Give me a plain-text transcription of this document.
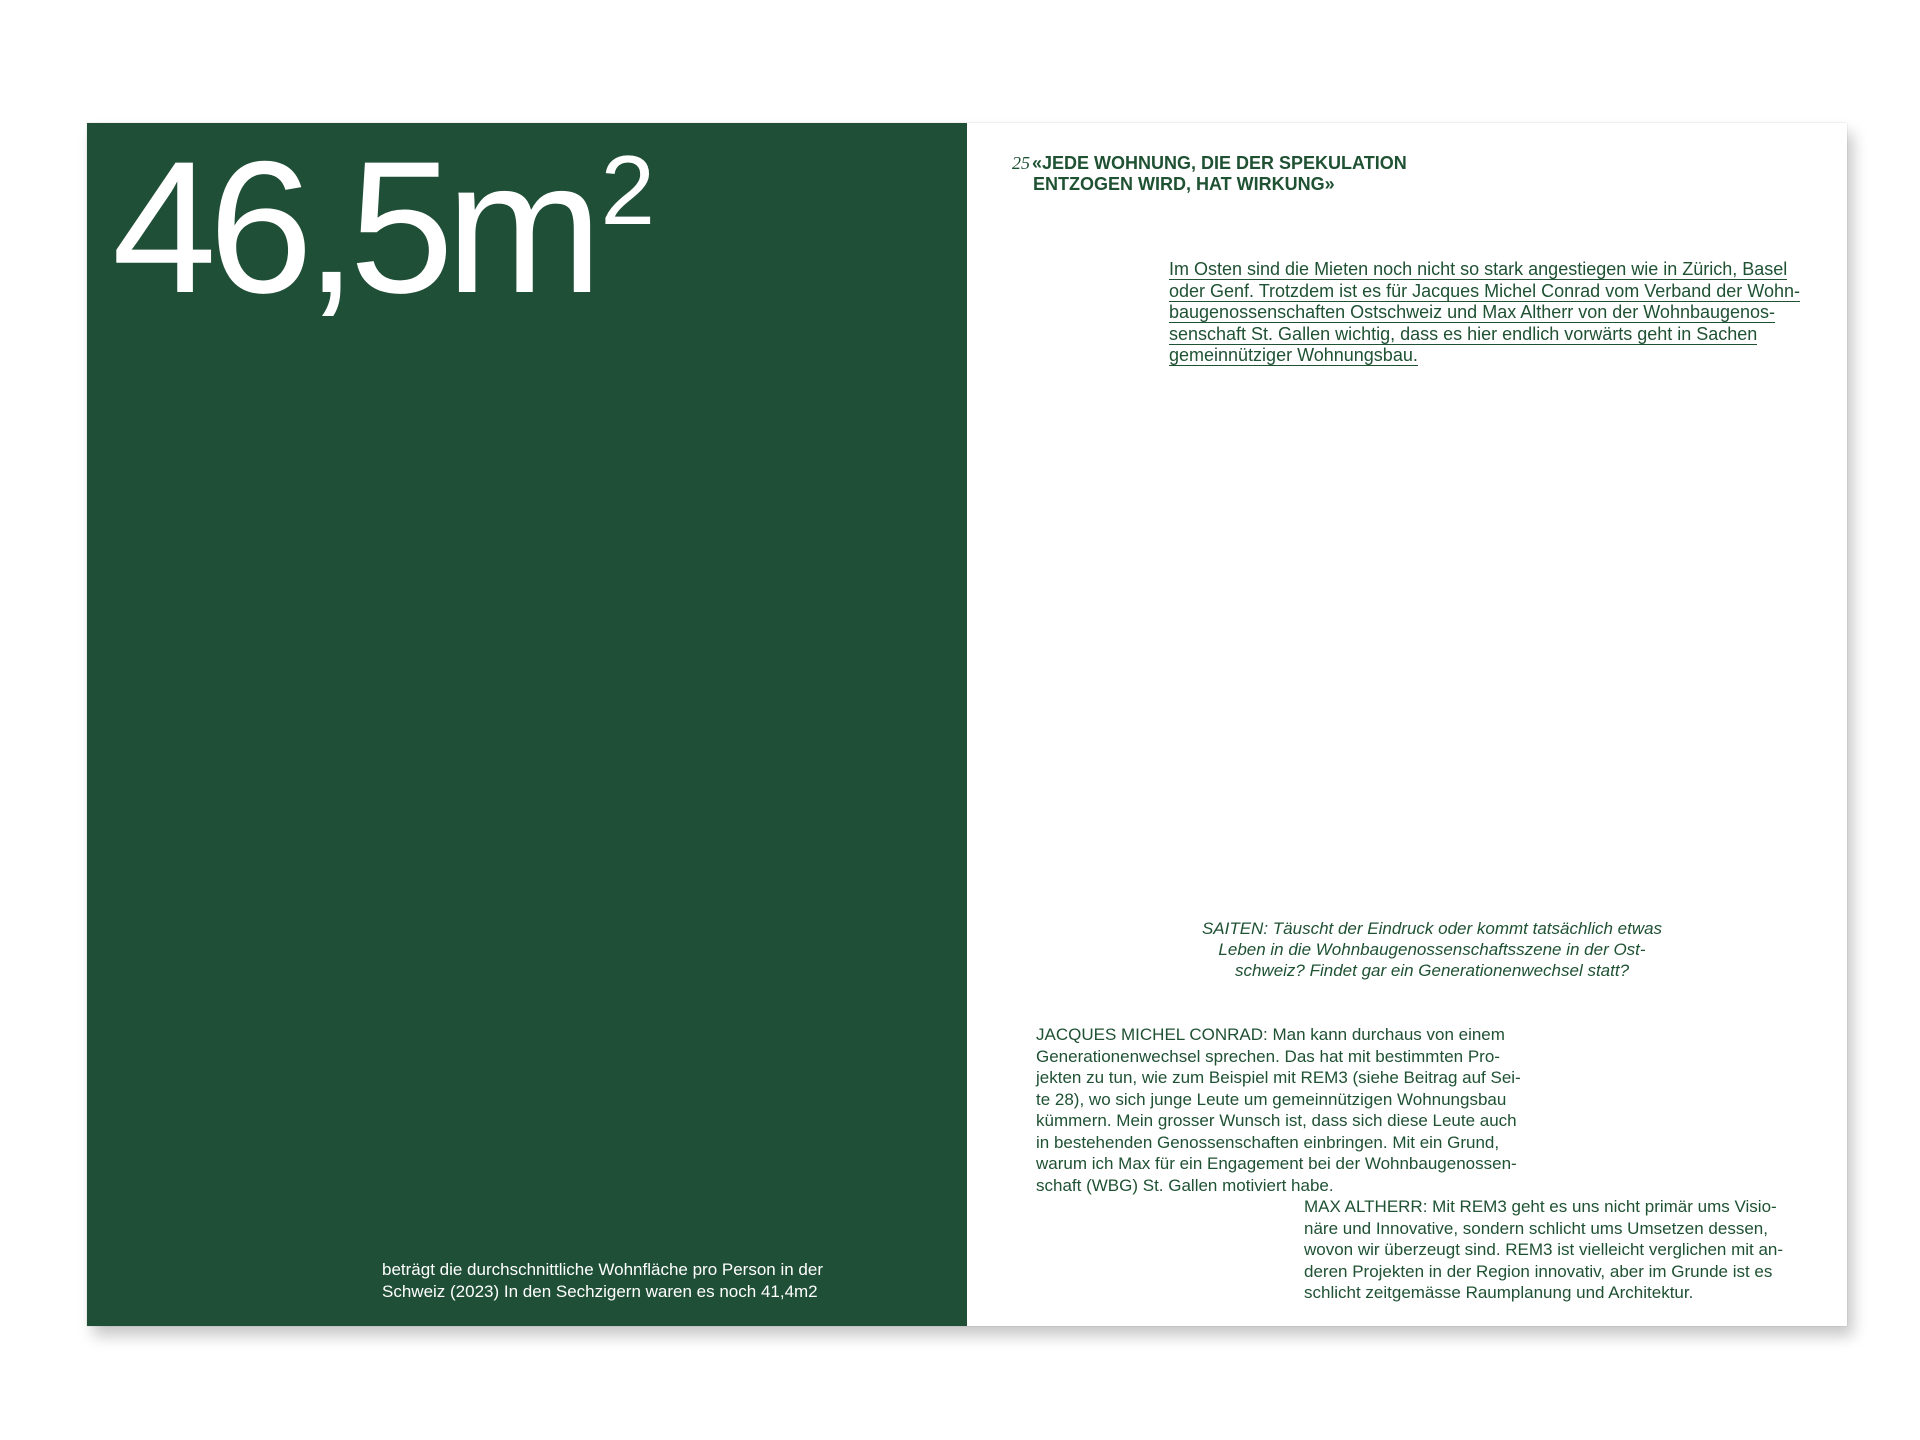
$46,5m^2$
beträgt die durchschnittliche Wohnfläche pro Person in der
Schweiz (2023) In den Sechzigern waren es noch 41,4m2
25 «JEDE WOHNUNG, DIE DER SPEKULATION
ENTZOGEN WIRD, HAT WIRKUNG»
Im Osten sind die Mieten noch nicht so stark angestiegen wie in Zürich, Basel
oder Genf. Trotzdem ist es für Jacques Michel Conrad vom Verband der Wohn-
baugenossenschaften Ostschweiz und Max Altherr von der Wohnbaugenos-
senschaft St. Gallen wichtig, dass es hier endlich vorwärts geht in Sachen
gemeinnütziger Wohnungsbau.
SAITEN: Täuscht der Eindruck oder kommt tatsächlich etwas
Leben in die Wohnbaugenossenschaftsszene in der Ost-
schweiz? Findet gar ein Generationenwechsel statt?
JACQUES MICHEL CONRAD: Man kann durchaus von einem
Generationenwechsel sprechen. Das hat mit bestimmten Pro-
jekten zu tun, wie zum Beispiel mit REM3 (siehe Beitrag auf Sei-
te 28), wo sich junge Leute um gemeinnützigen Wohnungsbau
kümmern. Mein grosser Wunsch ist, dass sich diese Leute auch
in bestehenden Genossenschaften einbringen. Mit ein Grund,
warum ich Max für ein Engagement bei der Wohnbaugenossen-
schaft (WBG) St. Gallen motiviert habe.
MAX ALTHERR: Mit REM3 geht es uns nicht primär ums Visio-
näre und Innovative, sondern schlicht ums Umsetzen dessen,
wovon wir überzeugt sind. REM3 ist vielleicht verglichen mit an-
deren Projekten in der Region innovativ, aber im Grunde ist es
schlicht zeitgemässe Raumplanung und Architektur.
